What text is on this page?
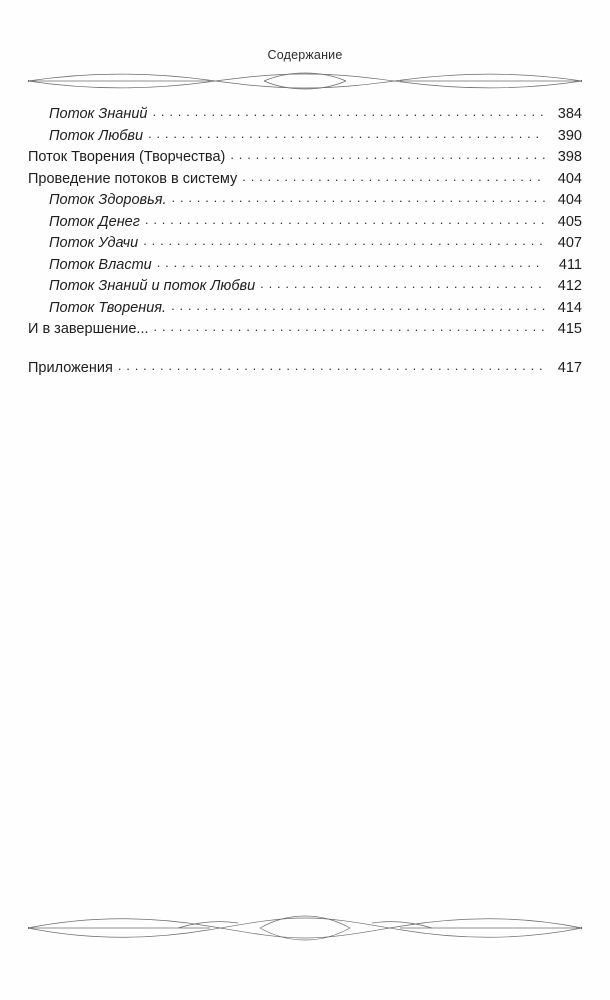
Содержание
Поток Знаний . . .	384
Поток Любви . . .	390
Поток Творения (Творчества) . . .	398
Проведение потоков в систему . . .	404
Поток Здоровья. . . .	404
Поток Денег . . .	405
Поток Удачи . . .	407
Поток Власти . . .	411
Поток Знаний и поток Любви . . .	412
Поток Творения. . . .	414
И в завершение... . . .	415
Приложения . . .	417
